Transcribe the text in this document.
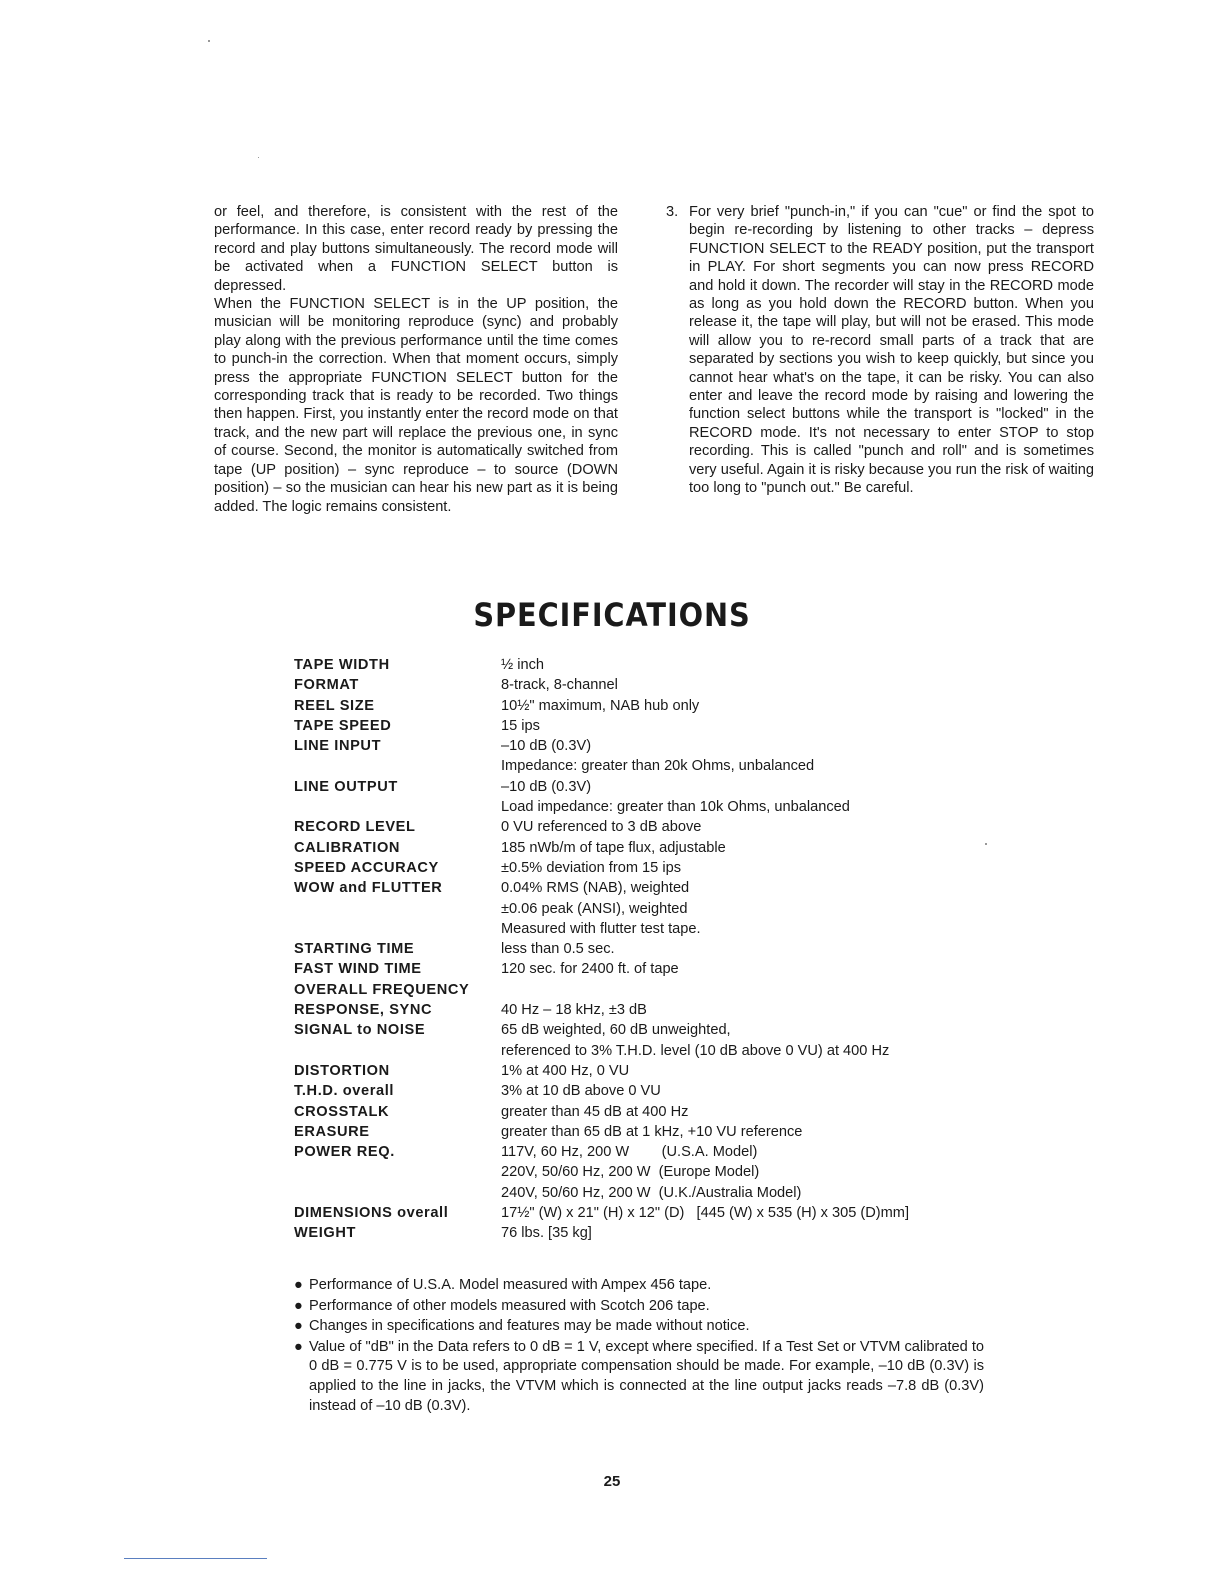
or feel, and therefore, is consistent with the rest of the performance. In this case, enter record ready by pressing the record and play buttons simultaneously. The record mode will be activated when a FUNCTION SELECT button is depressed.

When the FUNCTION SELECT is in the UP position, the musician will be monitoring reproduce (sync) and probably play along with the previous performance until the time comes to punch-in the correction. When that moment occurs, simply press the appropriate FUNCTION SELECT button for the corresponding track that is ready to be recorded. Two things then happen. First, you instantly enter the record mode on that track, and the new part will replace the previous one, in sync of course. Second, the monitor is automatically switched from tape (UP position) – sync reproduce – to source (DOWN position) – so the musician can hear his new part as it is being added. The logic remains consistent.

3. For very brief "punch-in," if you can "cue" or find the spot to begin re-recording by listening to other tracks – depress FUNCTION SELECT to the READY position, put the transport in PLAY. For short segments you can now press RECORD and hold it down. The recorder will stay in the RECORD mode as long as you hold down the RECORD button. When you release it, the tape will play, but will not be erased. This mode will allow you to re-record small parts of a track that are separated by sections you wish to keep quickly, but since you cannot hear what's on the tape, it can be risky. You can also enter and leave the record mode by raising and lowering the function select buttons while the transport is "locked" in the RECORD mode. It's not necessary to enter STOP to stop recording. This is called "punch and roll" and is sometimes very useful. Again it is risky because you run the risk of waiting too long to "punch out." Be careful.
SPECIFICATIONS
TAPE WIDTH	½ inch
FORMAT	8-track, 8-channel
REEL SIZE	10½" maximum, NAB hub only
TAPE SPEED	15 ips
LINE INPUT	–10 dB (0.3V)
	Impedance: greater than 20k Ohms, unbalanced
LINE OUTPUT	–10 dB (0.3V)
	Load impedance: greater than 10k Ohms, unbalanced
RECORD LEVEL	0 VU referenced to 3 dB above
CALIBRATION	185 nWb/m of tape flux, adjustable
SPEED ACCURACY	±0.5% deviation from 15 ips
WOW and FLUTTER	0.04% RMS (NAB), weighted
	±0.06 peak (ANSI), weighted
	Measured with flutter test tape.
STARTING TIME	less than 0.5 sec.
FAST WIND TIME	120 sec. for 2400 ft. of tape
OVERALL FREQUENCY	
RESPONSE, SYNC	40 Hz – 18 kHz, ±3 dB
SIGNAL to NOISE	65 dB weighted, 60 dB unweighted,
	referenced to 3% T.H.D. level (10 dB above 0 VU) at 400 Hz
DISTORTION	1% at 400 Hz, 0 VU
T.H.D. overall	3% at 10 dB above 0 VU
CROSSTALK	greater than 45 dB at 400 Hz
ERASURE	greater than 65 dB at 1 kHz, +10 VU reference
POWER REQ.	117V, 60 Hz, 200 W        (U.S.A. Model)
	220V, 50/60 Hz, 200 W  (Europe Model)
	240V, 50/60 Hz, 200 W  (U.K./Australia Model)
DIMENSIONS overall	17½" (W) x 21" (H) x 12" (D)   [445 (W) x 535 (H) x 305 (D)mm]
WEIGHT	76 lbs. [35 kg]
● Performance of U.S.A. Model measured with Ampex 456 tape.
● Performance of other models measured with Scotch 206 tape.
● Changes in specifications and features may be made without notice.
● Value of "dB" in the Data refers to 0 dB = 1 V, except where specified. If a Test Set or VTVM calibrated to 0 dB = 0.775 V is to be used, appropriate compensation should be made. For example, –10 dB (0.3V) is applied to the line in jacks, the VTVM which is connected at the line output jacks reads –7.8 dB (0.3V) instead of –10 dB (0.3V).
25
